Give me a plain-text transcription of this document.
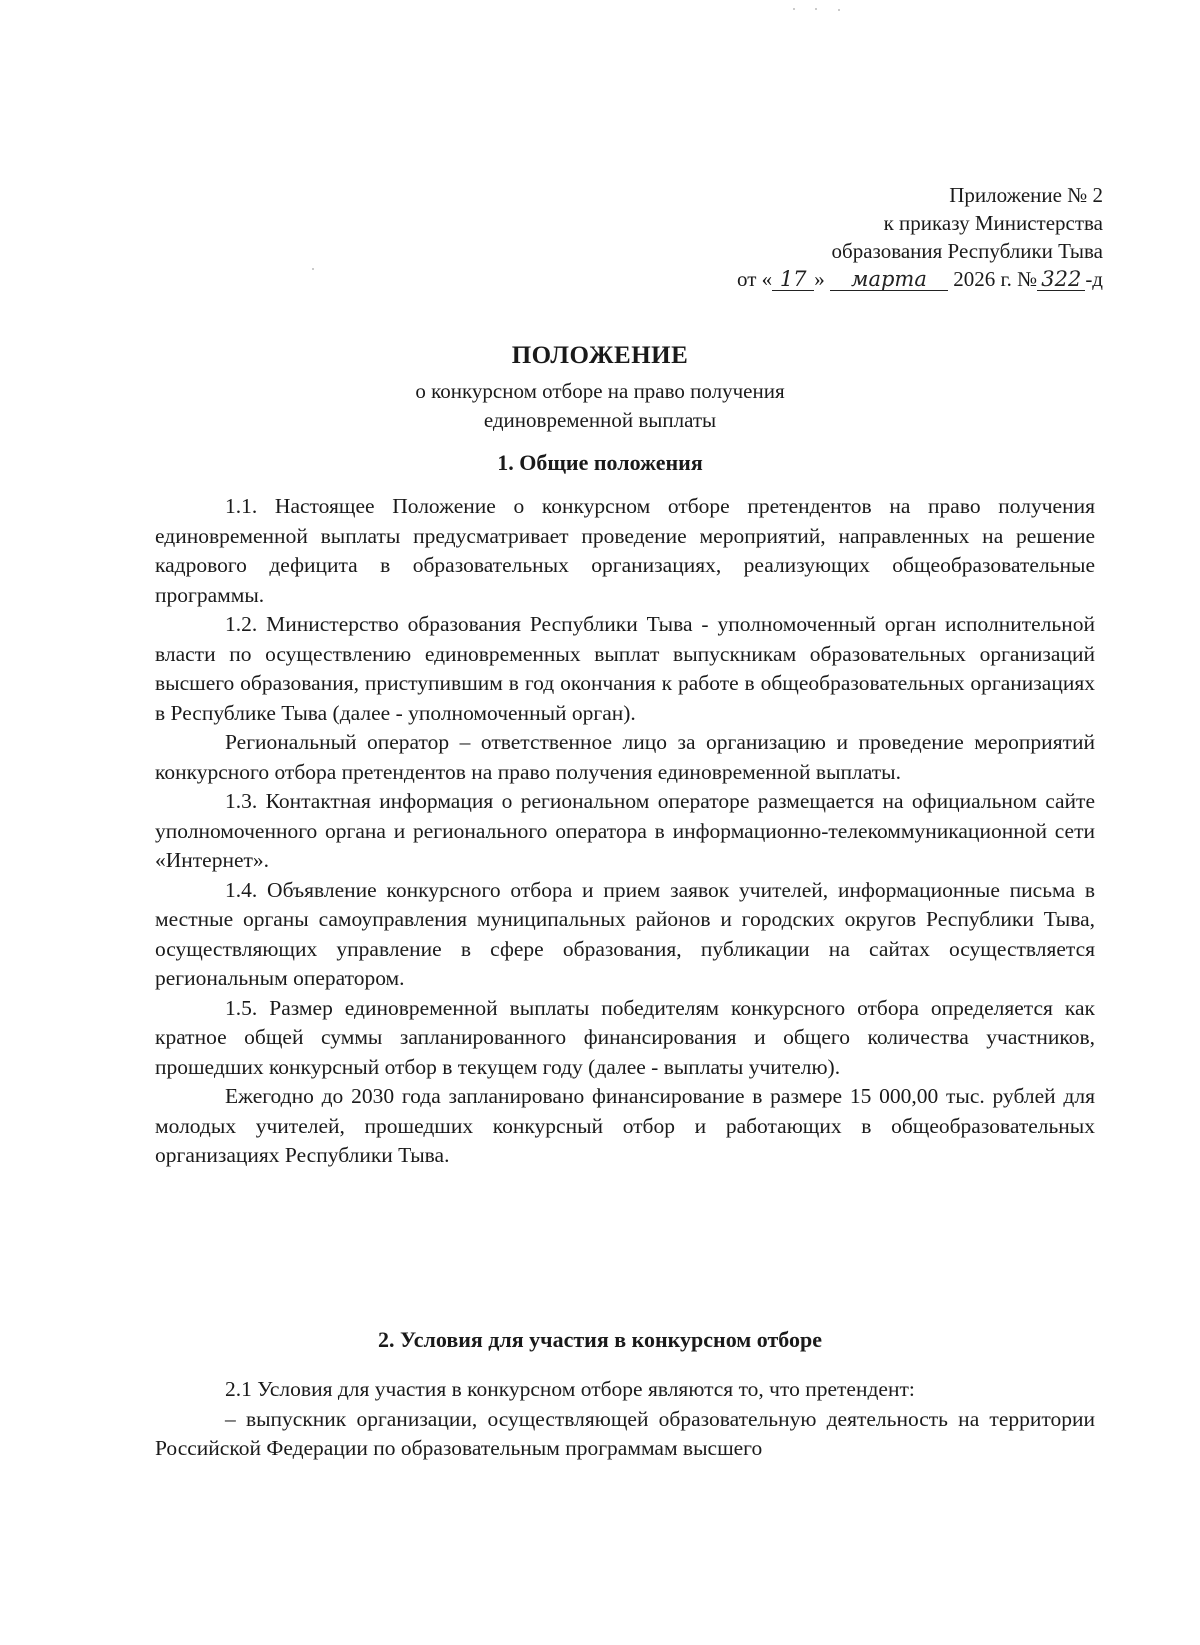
Приложение № 2
к приказу Министерства
образования Республики Тыва
от « 17 » марта 2026 г. № 322 -д
ПОЛОЖЕНИЕ
о конкурсном отборе на право получения
единовременной выплаты
1. Общие положения

1.1. Настоящее Положение о конкурсном отборе претендентов на право получения единовременной выплаты предусматривает проведение мероприятий, направленных на решение кадрового дефицита в образовательных организациях, реализующих общеобразовательные программы.

1.2. Министерство образования Республики Тыва - уполномоченный орган исполнительной власти по осуществлению единовременных выплат выпускникам образовательных организаций высшего образования, приступившим в год окончания к работе в общеобразовательных организациях в Республике Тыва (далее - уполномоченный орган).

Региональный оператор – ответственное лицо за организацию и проведение мероприятий конкурсного отбора претендентов на право получения единовременной выплаты.

1.3. Контактная информация о региональном операторе размещается на официальном сайте уполномоченного органа и регионального оператора в информационно-телекоммуникационной сети «Интернет».

1.4. Объявление конкурсного отбора и прием заявок учителей, информационные письма в местные органы самоуправления муниципальных районов и городских округов Республики Тыва, осуществляющих управление в сфере образования, публикации на сайтах осуществляется региональным оператором.

1.5. Размер единовременной выплаты победителям конкурсного отбора определяется как кратное общей суммы запланированного финансирования и общего количества участников, прошедших конкурсный отбор в текущем году (далее - выплаты учителю).

Ежегодно до 2030 года запланировано финансирование в размере 15 000,00 тыс. рублей для молодых учителей, прошедших конкурсный отбор и работающих в общеобразовательных организациях Республики Тыва.

2. Условия для участия в конкурсном отборе

2.1 Условия для участия в конкурсном отборе являются то, что претендент:

– выпускник организации, осуществляющей образовательную деятельность на территории Российской Федерации по образовательным программам высшего
